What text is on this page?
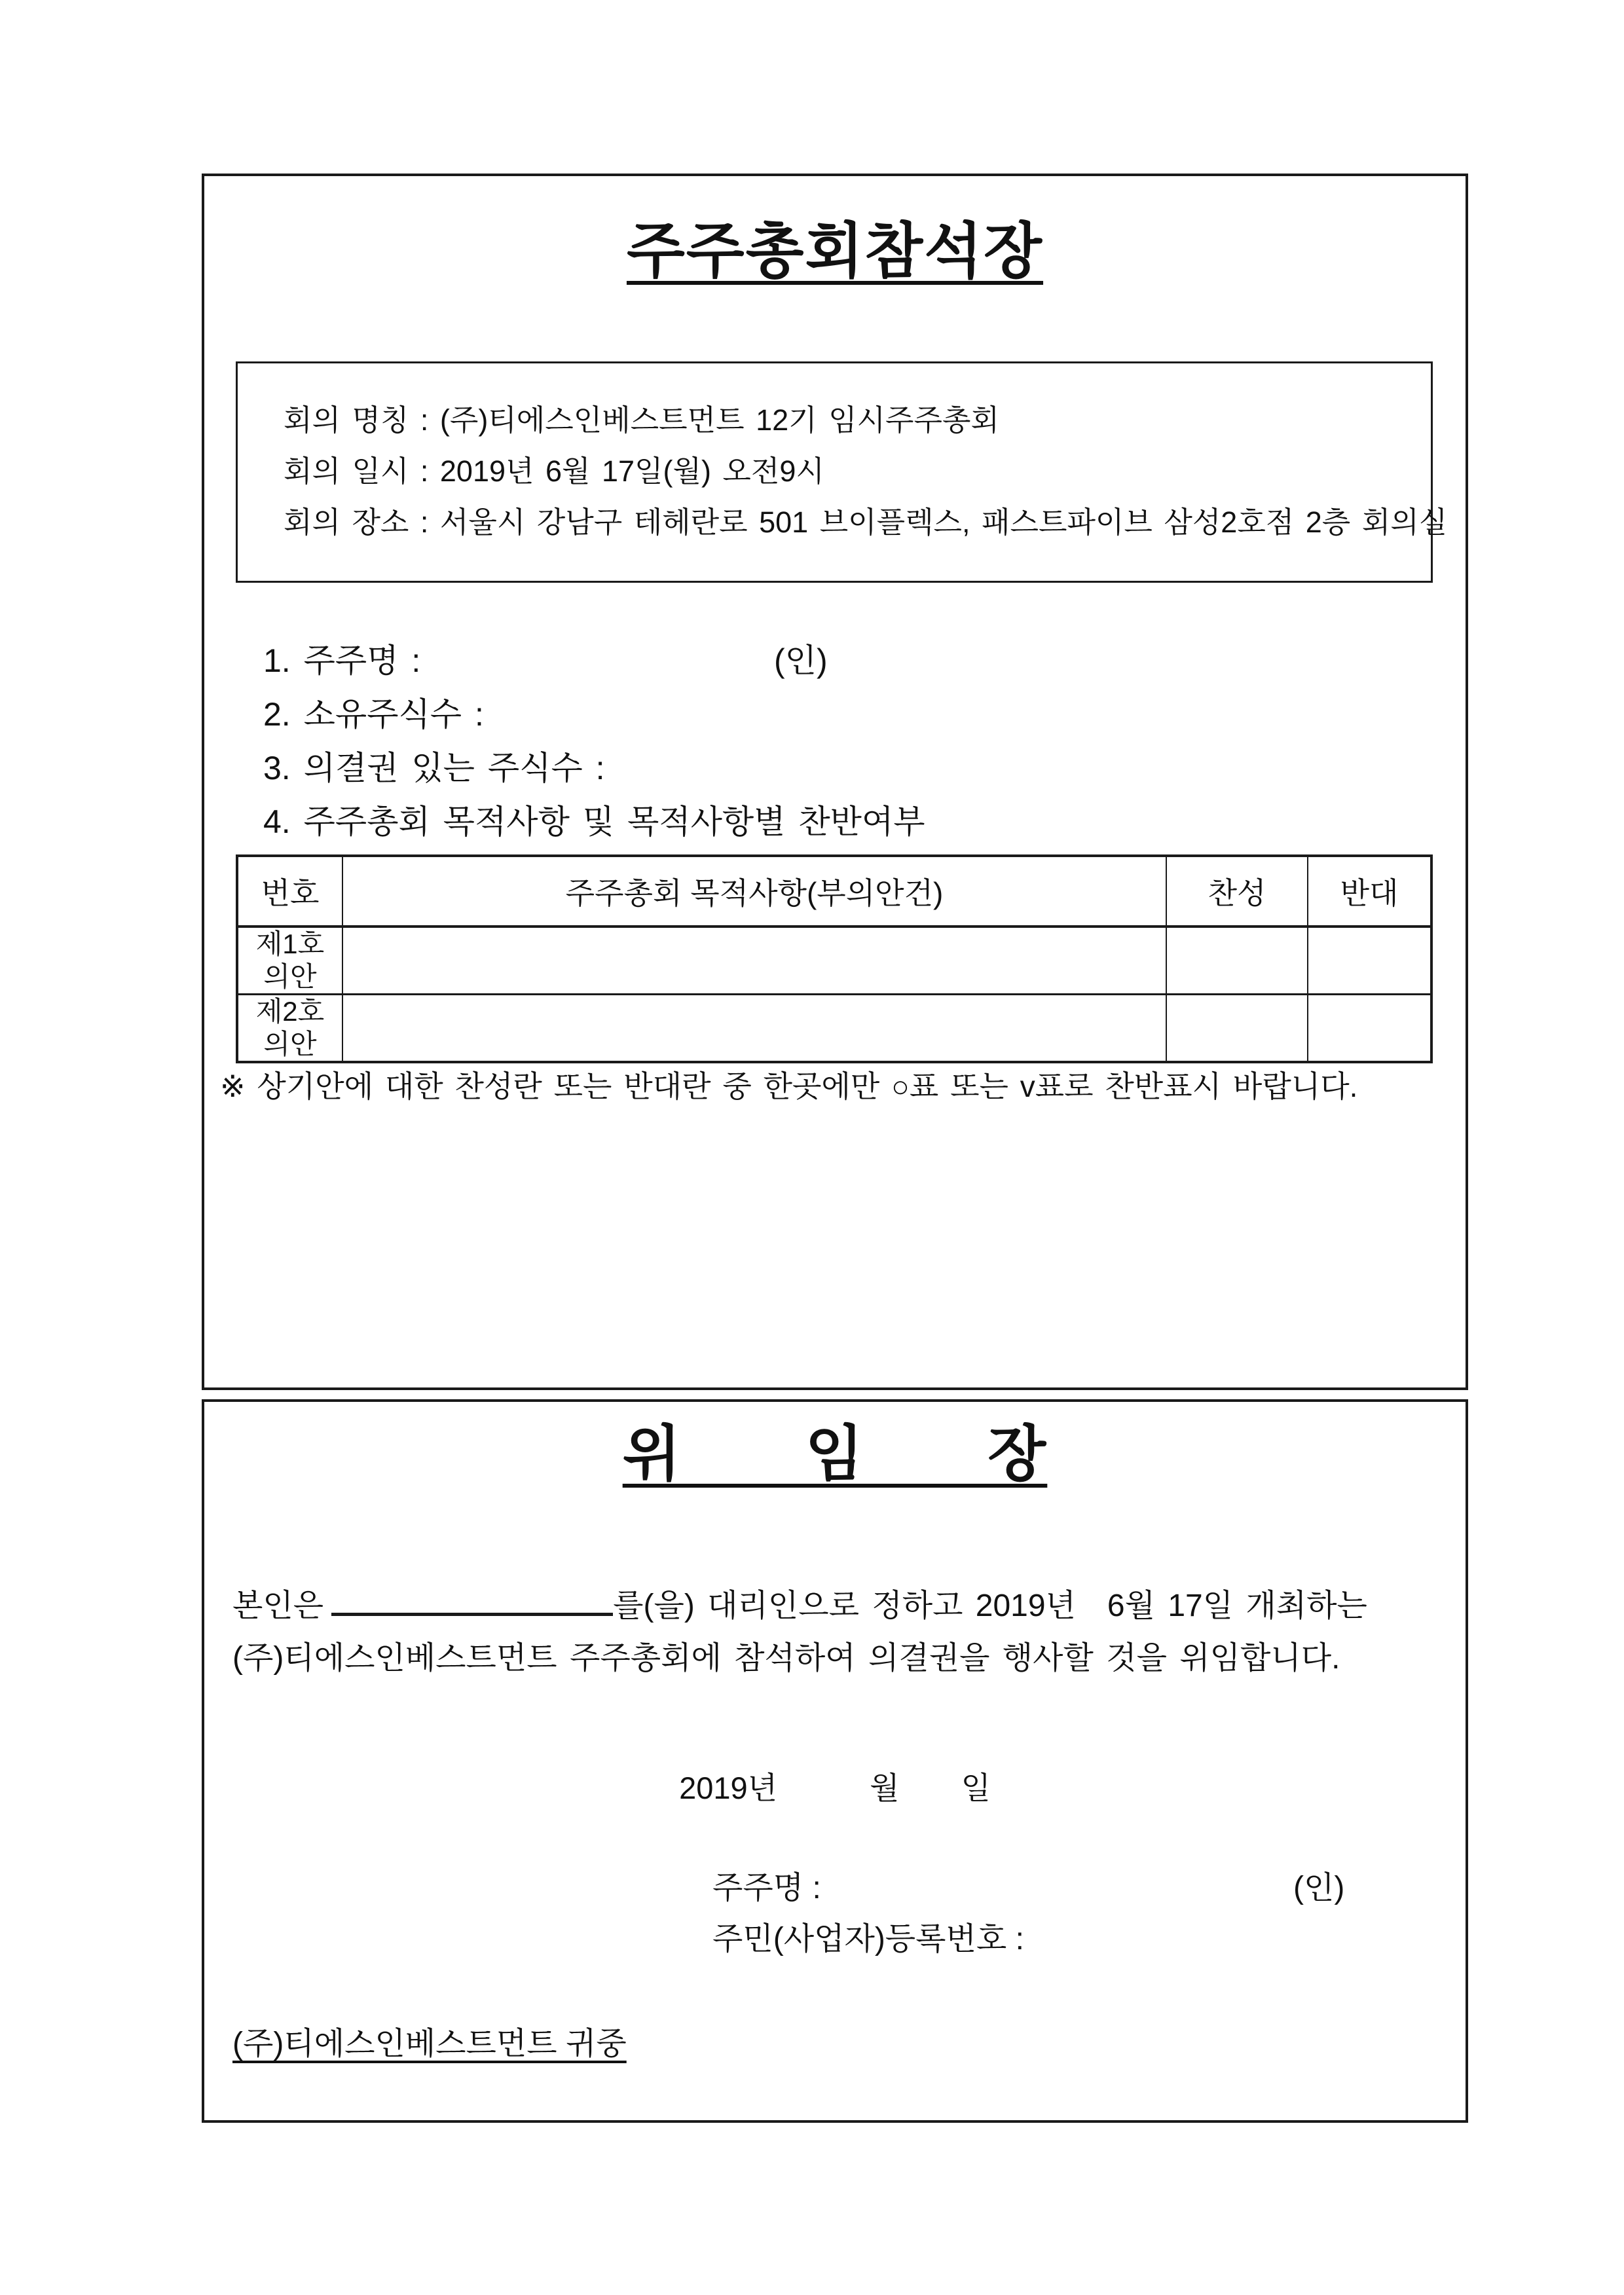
주주총회참석장
회의 명칭 : (주)티에스인베스트먼트 12기 임시주주총회
회의 일시 : 2019년 6월 17일(월) 오전9시
회의 장소 : 서울시 강남구 테헤란로 501 브이플렉스, 패스트파이브 삼성2호점 2층 회의실
1. 주주명 :	(인)
2. 소유주식수 :
3. 의결권 있는 주식수 :
4. 주주총회 목적사항 및 목적사항별 찬반여부
번호	주주총회 목적사항(부의안건)	찬성	반대
제1호 의안			
제2호 의안			

※ 상기안에 대한 찬성란 또는 반대란 중 한곳에만 ○표 또는 v표로 찬반표시 바랍니다.

위  임  장

본인은	를(을) 대리인으로 정하고 2019년 6월 17일 개최하는
(주)티에스인베스트먼트 주주총회에 참석하여 의결권을 행사할 것을 위임합니다.

2019년   월  일

주주명 :	(인)
주민(사업자)등록번호 :

(주)티에스인베스트먼트 귀중
